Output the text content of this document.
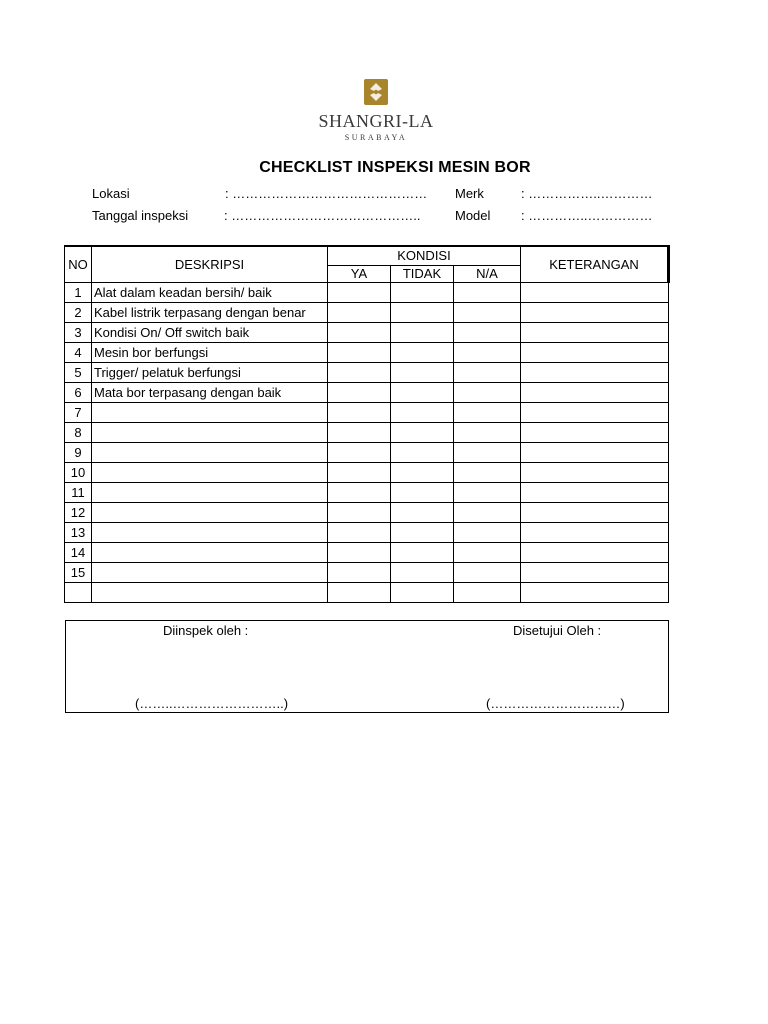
SHANGRI-LA
SURABAYA
CHECKLIST INSPEKSI MESIN BOR
Lokasi	: ……………………………………… Merk	: ……………..…………
Tanggal inspeksi	: ……………………………………..	Model : …………..……………
NO	DESKRIPSI	KONDISI			KETERANGAN
		YA	TIDAK	N/A	
1	Alat dalam keadan bersih/ baik				
2	Kabel listrik terpasang dengan benar				
3	Kondisi On/ Off switch baik				
4	Mesin bor berfungsi				
5	Trigger/ pelatuk berfungsi				
6	Mata bor terpasang dengan baik				
7					
8					
9					
10					
11					
12					
13					
14					
15					

Diinspek oleh :	Disetujui Oleh :
(……..……………………..)	(…………………………)
